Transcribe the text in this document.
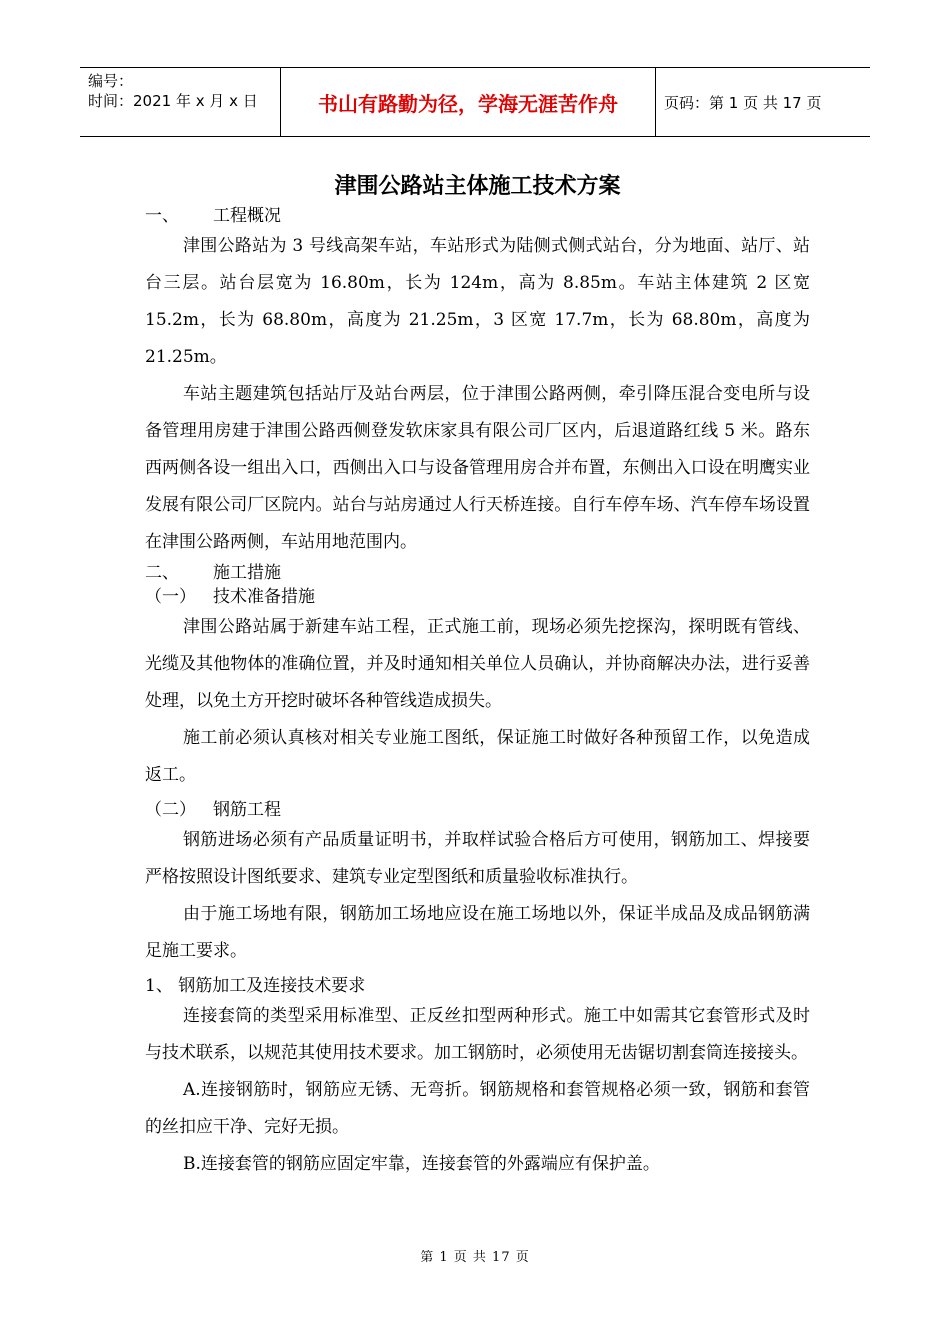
编号：
时间：2021 年 x 月 x 日	书山有路勤为径，学海无涯苦作舟	页码：第 1 页 共 17 页
津围公路站主体施工技术方案
一、	工程概况

津围公路站为 3 号线高架车站，车站形式为陆侧式侧式站台，分为地面、站厅、站台三层。站台层宽为 16.80m，长为 124m，高为 8.85m。车站主体建筑 2 区宽 15.2m，长为 68.80m，高度为 21.25m，3 区宽 17.7m，长为 68.80m，高度为 21.25m。

车站主题建筑包括站厅及站台两层，位于津围公路两侧，牵引降压混合变电所与设备管理用房建于津围公路西侧登发软床家具有限公司厂区内，后退道路红线 5 米。路东西两侧各设一组出入口，西侧出入口与设备管理用房合并布置，东侧出入口设在明鹰实业发展有限公司厂区院内。站台与站房通过人行天桥连接。自行车停车场、汽车停车场设置在津围公路两侧，车站用地范围内。

二、	施工措施
（一）	技术准备措施

津围公路站属于新建车站工程，正式施工前，现场必须先挖探沟，探明既有管线、光缆及其他物体的准确位置，并及时通知相关单位人员确认，并协商解决办法，进行妥善处理，以免土方开挖时破坏各种管线造成损失。

施工前必须认真核对相关专业施工图纸，保证施工时做好各种预留工作，以免造成返工。

（二）	钢筋工程

钢筋进场必须有产品质量证明书，并取样试验合格后方可使用，钢筋加工、焊接要严格按照设计图纸要求、建筑专业定型图纸和质量验收标准执行。

由于施工场地有限，钢筋加工场地应设在施工场地以外，保证半成品及成品钢筋满足施工要求。

1、 钢筋加工及连接技术要求

连接套筒的类型采用标准型、正反丝扣型两种形式。施工中如需其它套管形式及时与技术联系，以规范其使用技术要求。加工钢筋时，必须使用无齿锯切割套筒连接接头。

A.连接钢筋时，钢筋应无锈、无弯折。钢筋规格和套管规格必须一致，钢筋和套管的丝扣应干净、完好无损。

B.连接套管的钢筋应固定牢靠，连接套管的外露端应有保护盖。

第 1 页 共 17 页
